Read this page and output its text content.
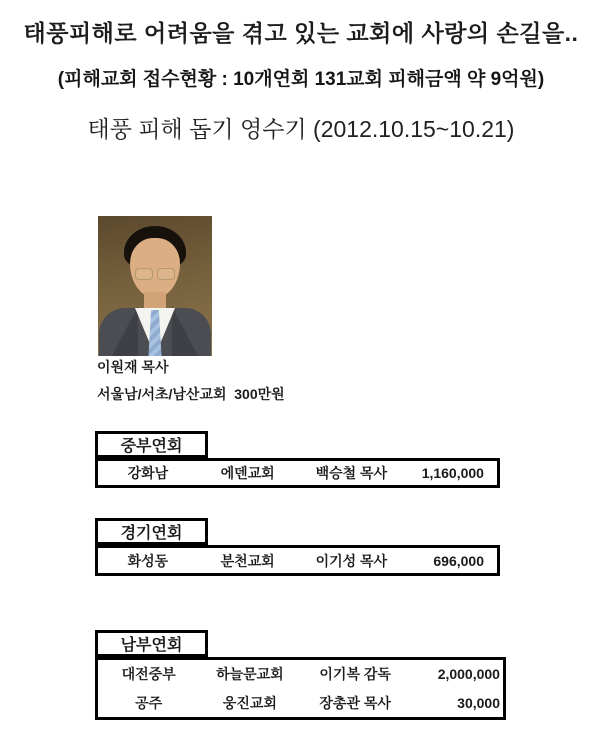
태풍피해로 어려움을 겪고 있는 교회에 사랑의 손길을..
(피해교회 접수현황 : 10개연회 131교회 피해금액 약 9억원)
태풍 피해 돕기 영수기 (2012.10.15~10.21)
이원재 목사
서울남/서초/남산교회  300만원
중부연회
강화남	에덴교회	백승철 목사	1,160,000
경기연회
화성동	분천교회	이기성 목사	696,000
남부연회
대전중부	하늘문교회	이기복 감독	2,000,000
공주	웅진교회	장총관 목사	30,000
